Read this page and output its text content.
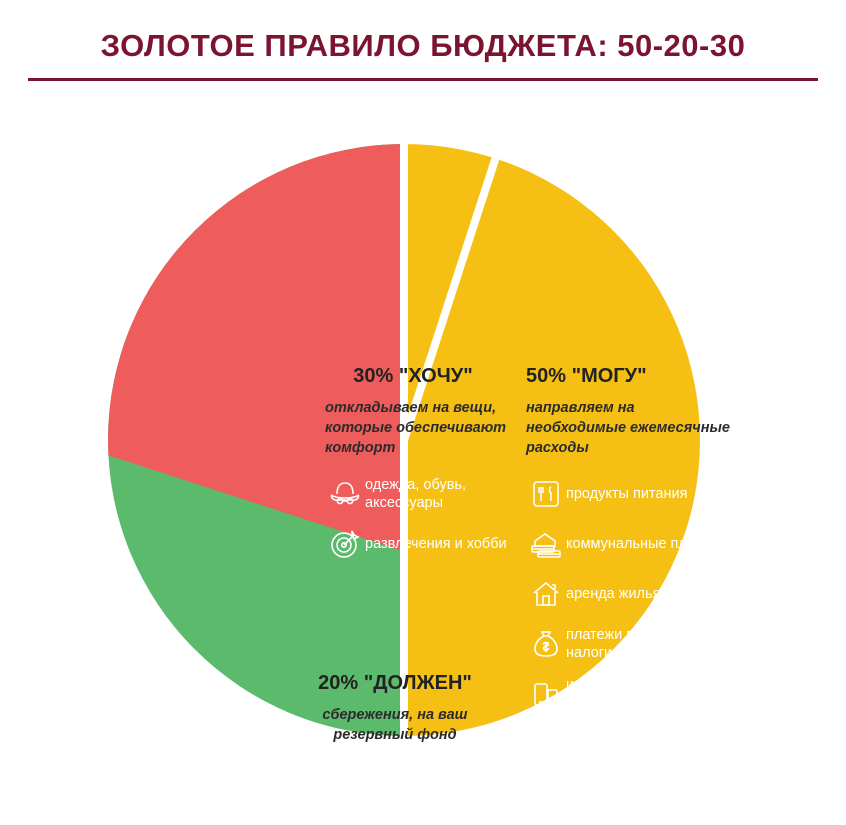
ЗОЛОТОЕ ПРАВИЛО БЮДЖЕТА: 50-20-30
30% "ХОЧУ"
откладываем на вещи, которые обеспечивают комфорт
одежда, обувь, аксессуары
развлечения и хобби
50% "МОГУ"
направляем на необходимые ежемесячные расходы
продукты питания
коммунальные платежи
аренда жилья
платежи по кредитам и налоги
интернет и мобильная связь
лекарства
20% "ДОЛЖЕН"
сбережения, на ваш резервный фонд
накопления
